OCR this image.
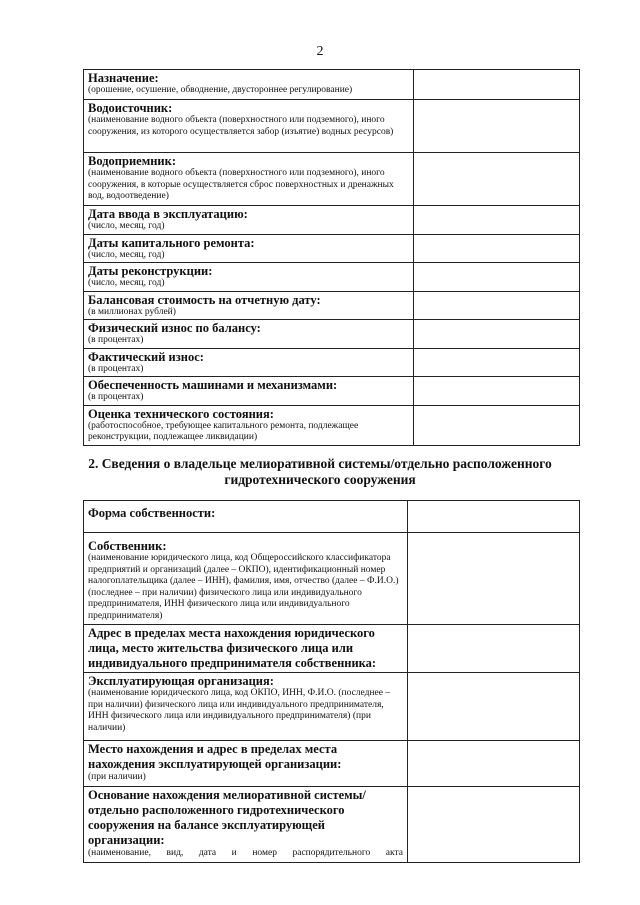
2
Назначение:
(орошение, осушение, обводнение, двустороннее регулирование)	

Водоисточник:
(наименование водного объекта (поверхностного или подземного), иного сооружения, из которого осуществляется забор (изъятие) водных ресурсов)	

Водоприемник:
(наименование водного объекта (поверхностного или подземного), иного сооружения, в которые осуществляется сброс поверхностных и дренажных вод, водоотведение)	

Дата ввода в эксплуатацию:
(число, месяц, год)	

Даты капитального ремонта:
(число, месяц, год)	

Даты реконструкции:
(число, месяц, год)	

Балансовая стоимость на отчетную дату:
(в миллионах рублей)	

Физический износ по балансу:
(в процентах)	

Фактический износ:
(в процентах)	

Обеспеченность машинами и механизмами:
(в процентах)	

Оценка технического состояния:
(работоспособное, требующее капитального ремонта, подлежащее реконструкции, подлежащее ликвидации)	

2. Сведения о владельце мелиоративной системы/отдельно расположенного
гидротехнического сооружения
Форма собственности:	

Собственник:
(наименование юридического лица, код Общероссийского классификатора предприятий и организаций (далее – ОКПО), идентификационный номер налогоплательщика (далее – ИНН), фамилия, имя, отчество (далее – Ф.И.О.) (последнее – при наличии) физического лица или индивидуального предпринимателя, ИНН физического лица или индивидуального предпринимателя)	

Адрес в пределах места нахождения юридического лица, место жительства физического лица или индивидуального предпринимателя собственника:	

Эксплуатирующая организация:
(наименование юридического лица, код ОКПО, ИНН, Ф.И.О. (последнее – при наличии) физического лица или индивидуального предпринимателя, ИНН физического лица или индивидуального предпринимателя) (при наличии)	

Место нахождения и адрес в пределах места нахождения эксплуатирующей организации:
(при наличии)	

Основание нахождения мелиоративной системы/отдельно расположенного гидротехнического сооружения на балансе эксплуатирующей организации:
(наименование, вид, дата и номер распорядительного акта	
